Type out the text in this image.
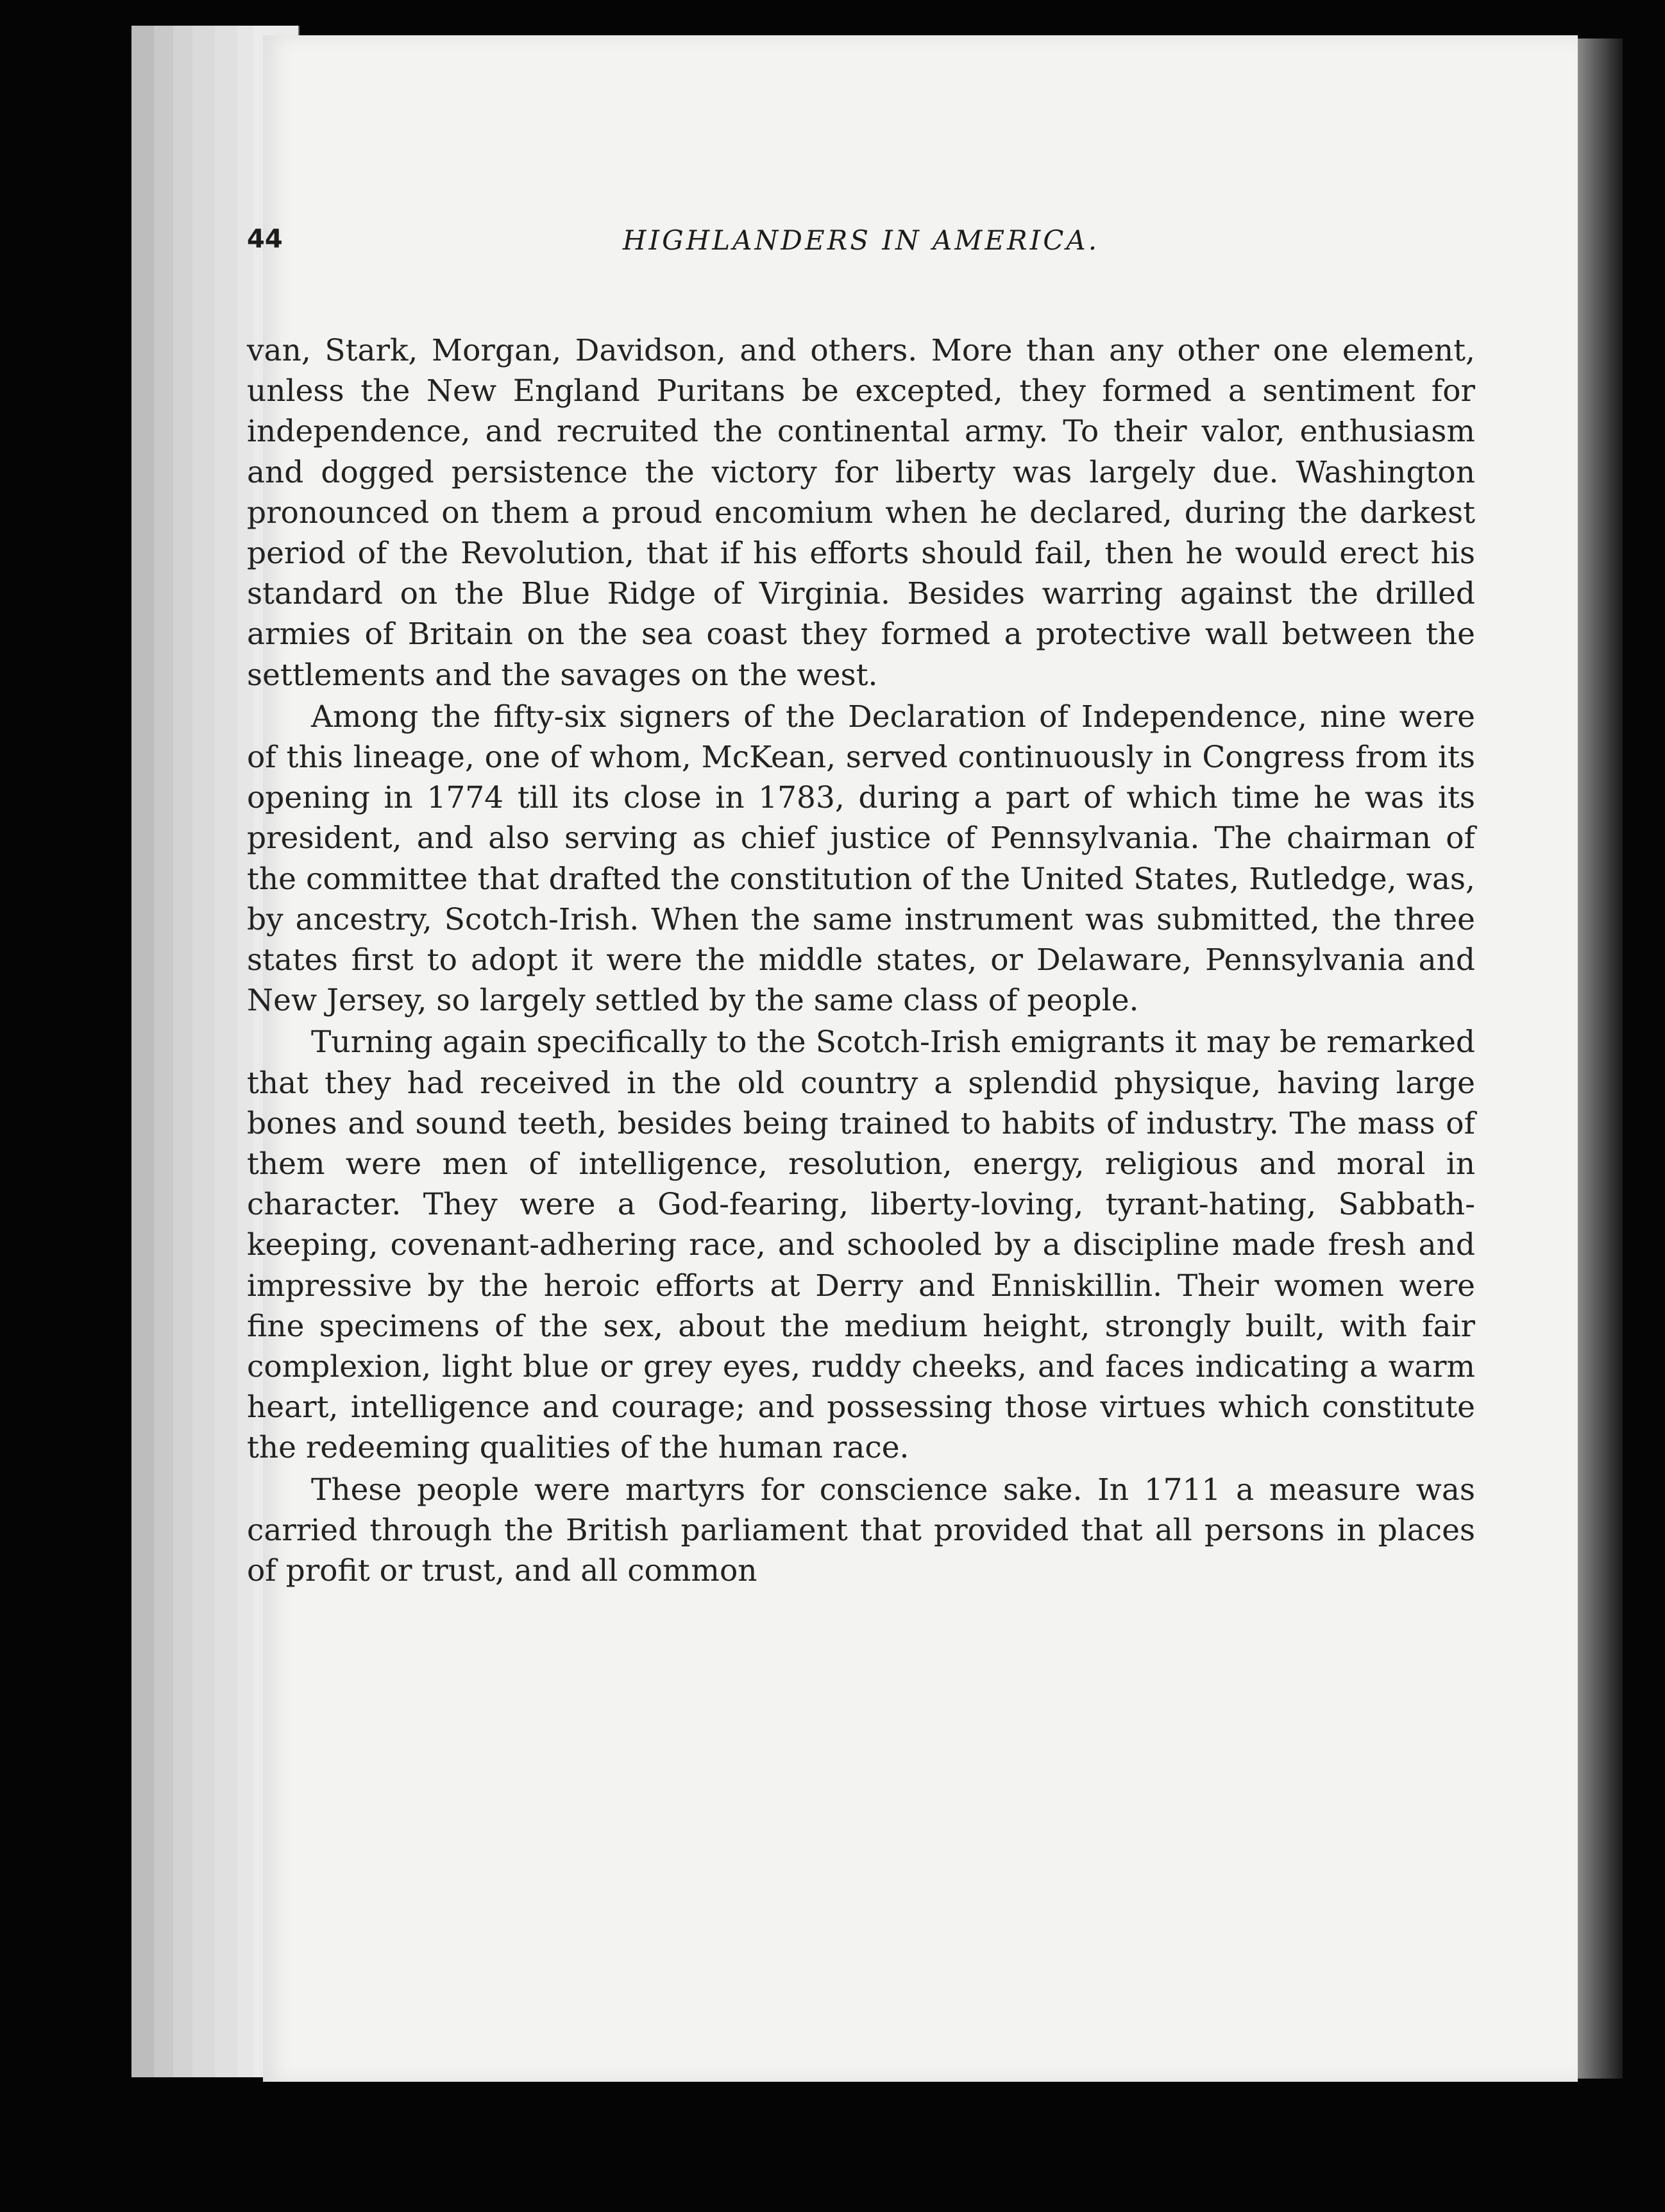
44	HIGHLANDERS IN AMERICA.

van, Stark, Morgan, Davidson, and others. More than any other one element, unless the New England Puritans be excepted, they formed a sentiment for independence, and recruited the continental army. To their valor, enthusiasm and dogged persistence the victory for liberty was largely due. Washington pronounced on them a proud encomium when he declared, during the darkest period of the Revolution, that if his efforts should fail, then he would erect his standard on the Blue Ridge of Virginia. Besides warring against the drilled armies of Britain on the sea coast they formed a protective wall between the settlements and the savages on the west.

Among the fifty-six signers of the Declaration of Independence, nine were of this lineage, one of whom, McKean, served continuously in Congress from its opening in 1774 till its close in 1783, during a part of which time he was its president, and also serving as chief justice of Pennsylvania. The chairman of the committee that drafted the constitution of the United States, Rutledge, was, by ancestry, Scotch-Irish. When the same instrument was submitted, the three states first to adopt it were the middle states, or Delaware, Pennsylvania and New Jersey, so largely settled by the same class of people.

Turning again specifically to the Scotch-Irish emigrants it may be remarked that they had received in the old country a splendid physique, having large bones and sound teeth, besides being trained to habits of industry. The mass of them were men of intelligence, resolution, energy, religious and moral in character. They were a God-fearing, liberty-loving, tyrant-hating, Sabbath-keeping, covenant-adhering race, and schooled by a discipline made fresh and impressive by the heroic efforts at Derry and Enniskillin. Their women were fine specimens of the sex, about the medium height, strongly built, with fair complexion, light blue or grey eyes, ruddy cheeks, and faces indicating a warm heart, intelligence and courage; and possessing those virtues which constitute the redeeming qualities of the human race.

These people were martyrs for conscience sake. In 1711 a measure was carried through the British parliament that provided that all persons in places of profit or trust, and all common
